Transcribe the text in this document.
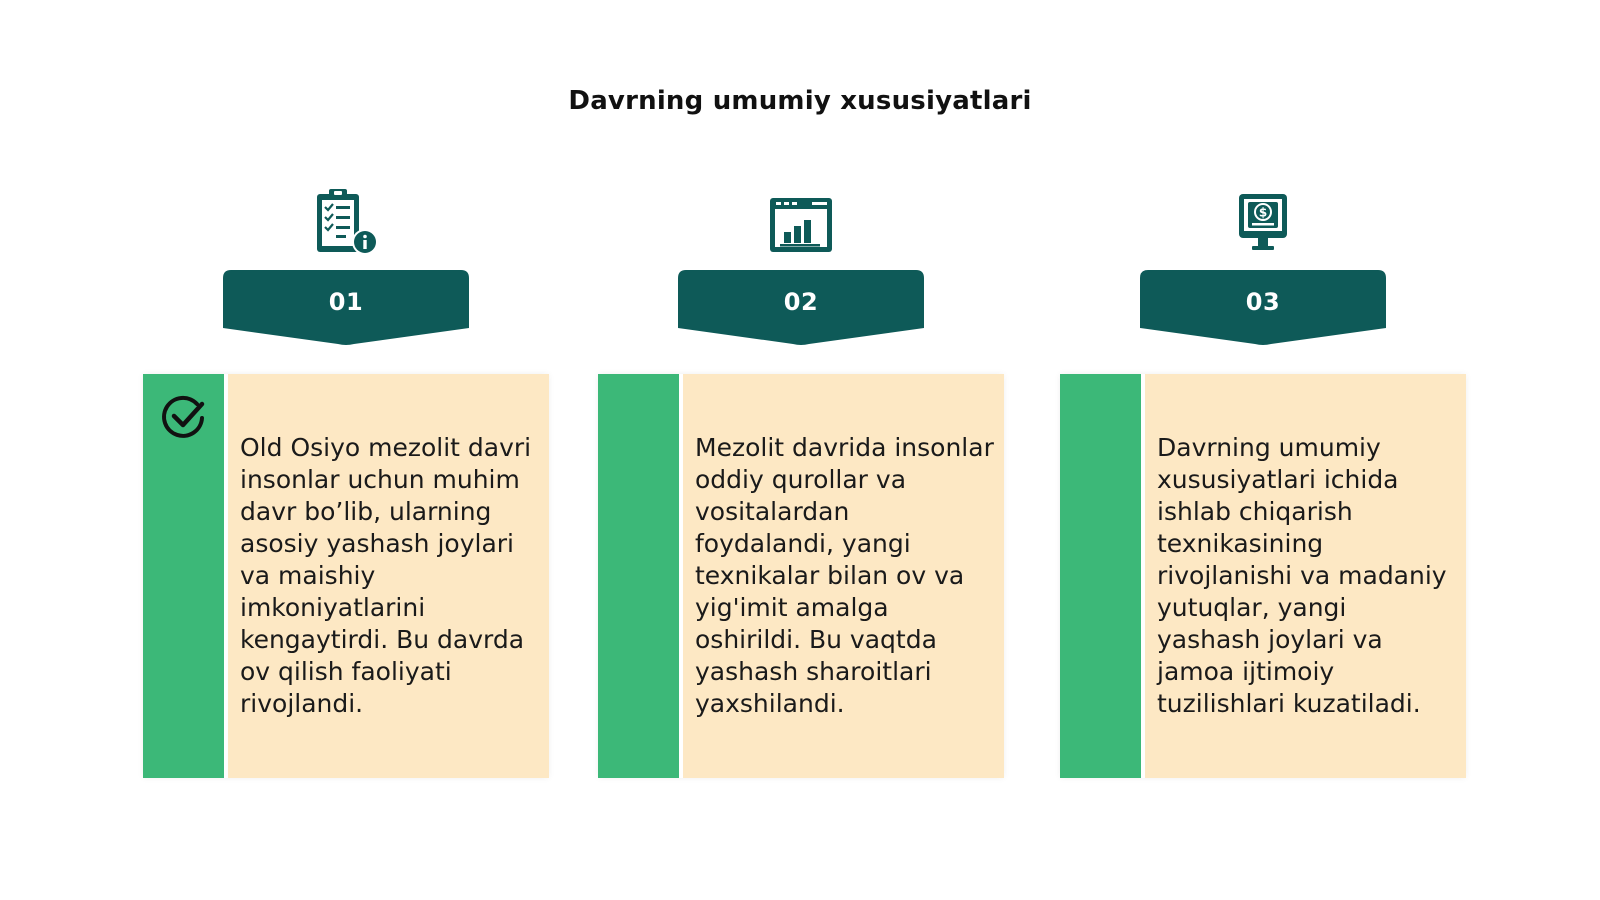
Davrning umumiy xususiyatlari
01
Old Osiyo mezolit davri insonlar uchun muhim davr bo’lib, ularning asosiy yashash joylari va maishiy imkoniyatlarini kengaytirdi. Bu davrda ov qilish faoliyati rivojlandi.
02
Mezolit davrida insonlar oddiy qurollar va vositalardan foydalandi, yangi texnikalar bilan ov va yig'imit amalga oshirildi. Bu vaqtda yashash sharoitlari yaxshilandi.
$
03
Davrning umumiy xususiyatlari ichida ishlab chiqarish texnikasining rivojlanishi va madaniy yutuqlar, yangi yashash joylari va jamoa ijtimoiy tuzilishlari kuzatiladi.
